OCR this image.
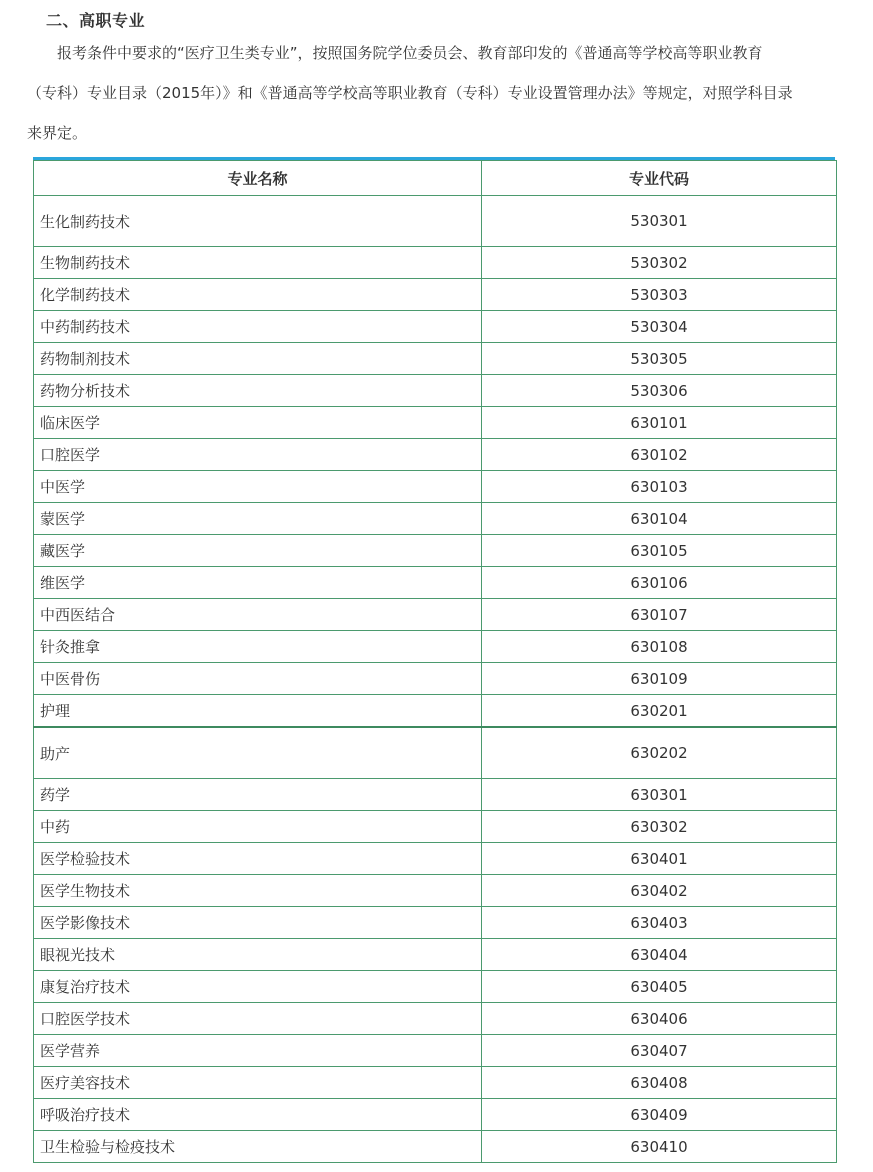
二、高职专业
报考条件中要求的“医疗卫生类专业”，按照国务院学位委员会、教育部印发的《普通高等学校高等职业教育
（专科）专业目录（2015年）》和《普通高等学校高等职业教育（专科）专业设置管理办法》等规定，对照学科目录
来界定。
专业名称	专业代码
生化制药技术	530301
生物制药技术	530302
化学制药技术	530303
中药制药技术	530304
药物制剂技术	530305
药物分析技术	530306
临床医学	630101
口腔医学	630102
中医学	630103
蒙医学	630104
藏医学	630105
维医学	630106
中西医结合	630107
针灸推拿	630108
中医骨伤	630109
护理	630201
助产	630202
药学	630301
中药	630302
医学检验技术	630401
医学生物技术	630402
医学影像技术	630403
眼视光技术	630404
康复治疗技术	630405
口腔医学技术	630406
医学营养	630407
医疗美容技术	630408
呼吸治疗技术	630409
卫生检验与检疫技术	630410
